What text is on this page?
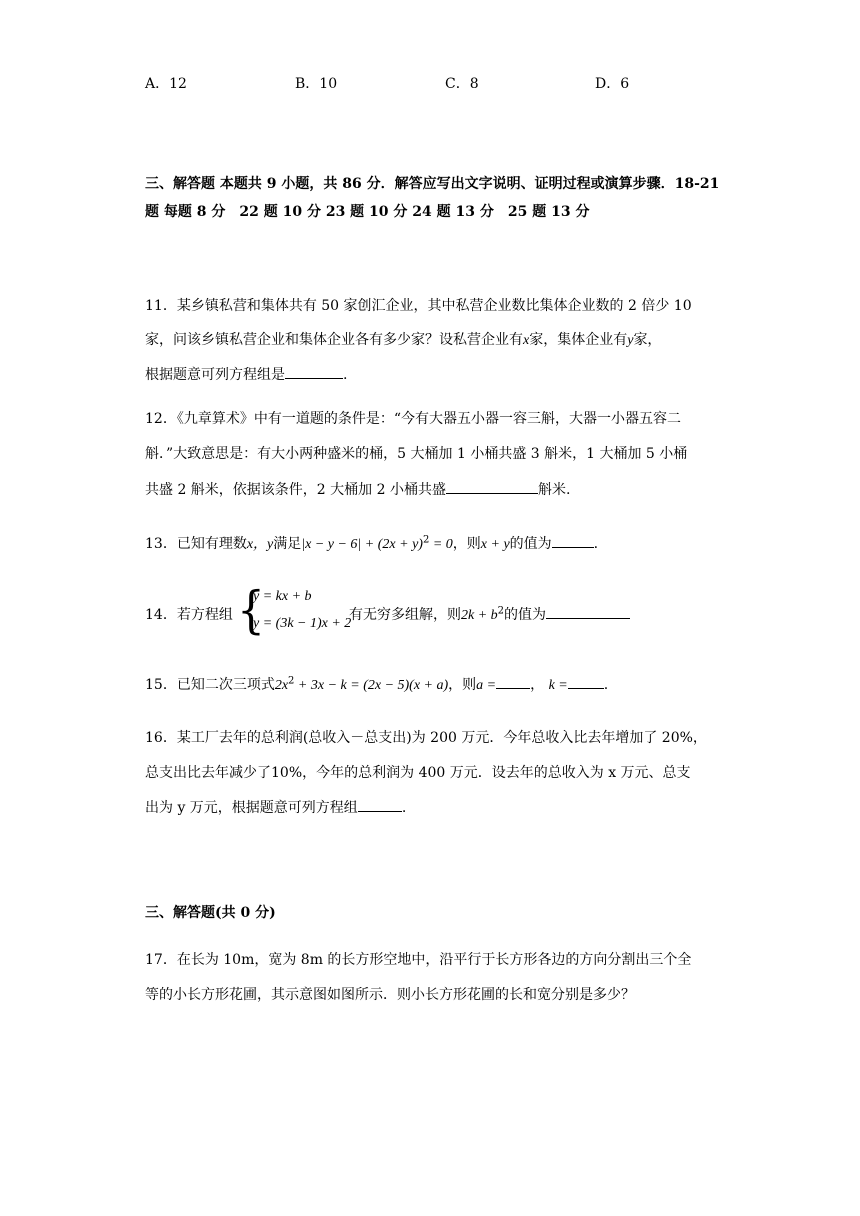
A．12	B．10	C．8	D．6
三、解答题 本题共 9 小题，共 86 分．解答应写出文字说明、证明过程或演算步骤．18-21
题 每题 8 分　22 题 10 分 23 题 10 分 24 题 13 分　25 题 13 分
11．某乡镇私营和集体共有 50 家创汇企业，其中私营企业数比集体企业数的 2 倍少 10
家，问该乡镇私营企业和集体企业各有多少家？设私营企业有x家，集体企业有y家，
根据题意可列方程组是	.
12．《九章算术》中有一道题的条件是：“今有大器五小器一容三斛，大器一小器五容二
斛．”大致意思是：有大小两种盛米的桶，5 大桶加 1 小桶共盛 3 斛米，1 大桶加 5 小桶
共盛 2 斛米，依据该条件，2 大桶加 2 小桶共盛	斛米.
13．已知有理数x，y满足$|x - y - 6| + (2x + y)^2 = 0$，则x + y的值为	.
14．若方程组 {
y = kx + b
y = (3k − 1)x + 2
有无穷多组解，则$2k + b^2$的值为
15．已知二次三项式$2x^2 + 3x - k = (2x - 5)(x + a)$，则a = ， k =	.
16．某工厂去年的总利润(总收入－总支出)为 200 万元．今年总收入比去年增加了 20%，
总支出比去年减少了10%，今年的总利润为 400 万元．设去年的总收入为 x 万元、总支
出为 y 万元，根据题意可列方程组	.
三、解答题(共 0 分)
17．在长为 10m，宽为 8m 的长方形空地中，沿平行于长方形各边的方向分割出三个全
等的小长方形花圃，其示意图如图所示．则小长方形花圃的长和宽分别是多少？
